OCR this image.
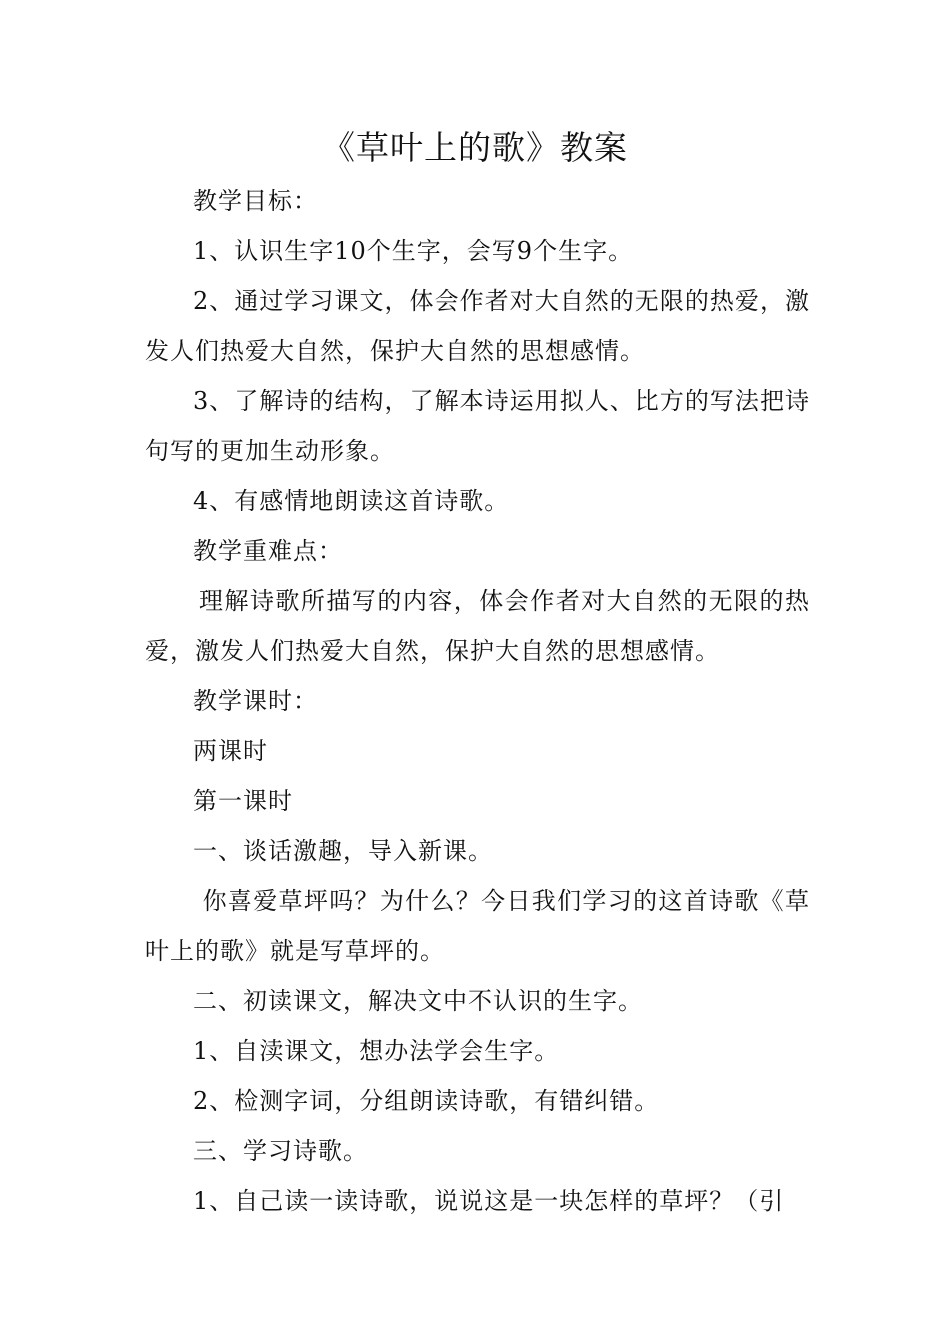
《草叶上的歌》教案

教学目标：

1、认识生字10个生字，会写9个生字。

2、通过学习课文，体会作者对大自然的无限的热爱，激发人们热爱大自然，保护大自然的思想感情。

3、了解诗的结构，了解本诗运用拟人、比方的写法把诗句写的更加生动形象。

4、有感情地朗读这首诗歌。

教学重难点：

理解诗歌所描写的内容，体会作者对大自然的无限的热爱，激发人们热爱大自然，保护大自然的思想感情。

教学课时：

两课时

第一课时

一、谈话激趣，导入新课。

你喜爱草坪吗？为什么？今日我们学习的这首诗歌《草叶上的歌》就是写草坪的。

二、初读课文，解决文中不认识的生字。

1、自渎课文，想办法学会生字。

2、检测字词，分组朗读诗歌，有错纠错。

三、学习诗歌。

1、自己读一读诗歌，说说这是一块怎样的草坪？（引
